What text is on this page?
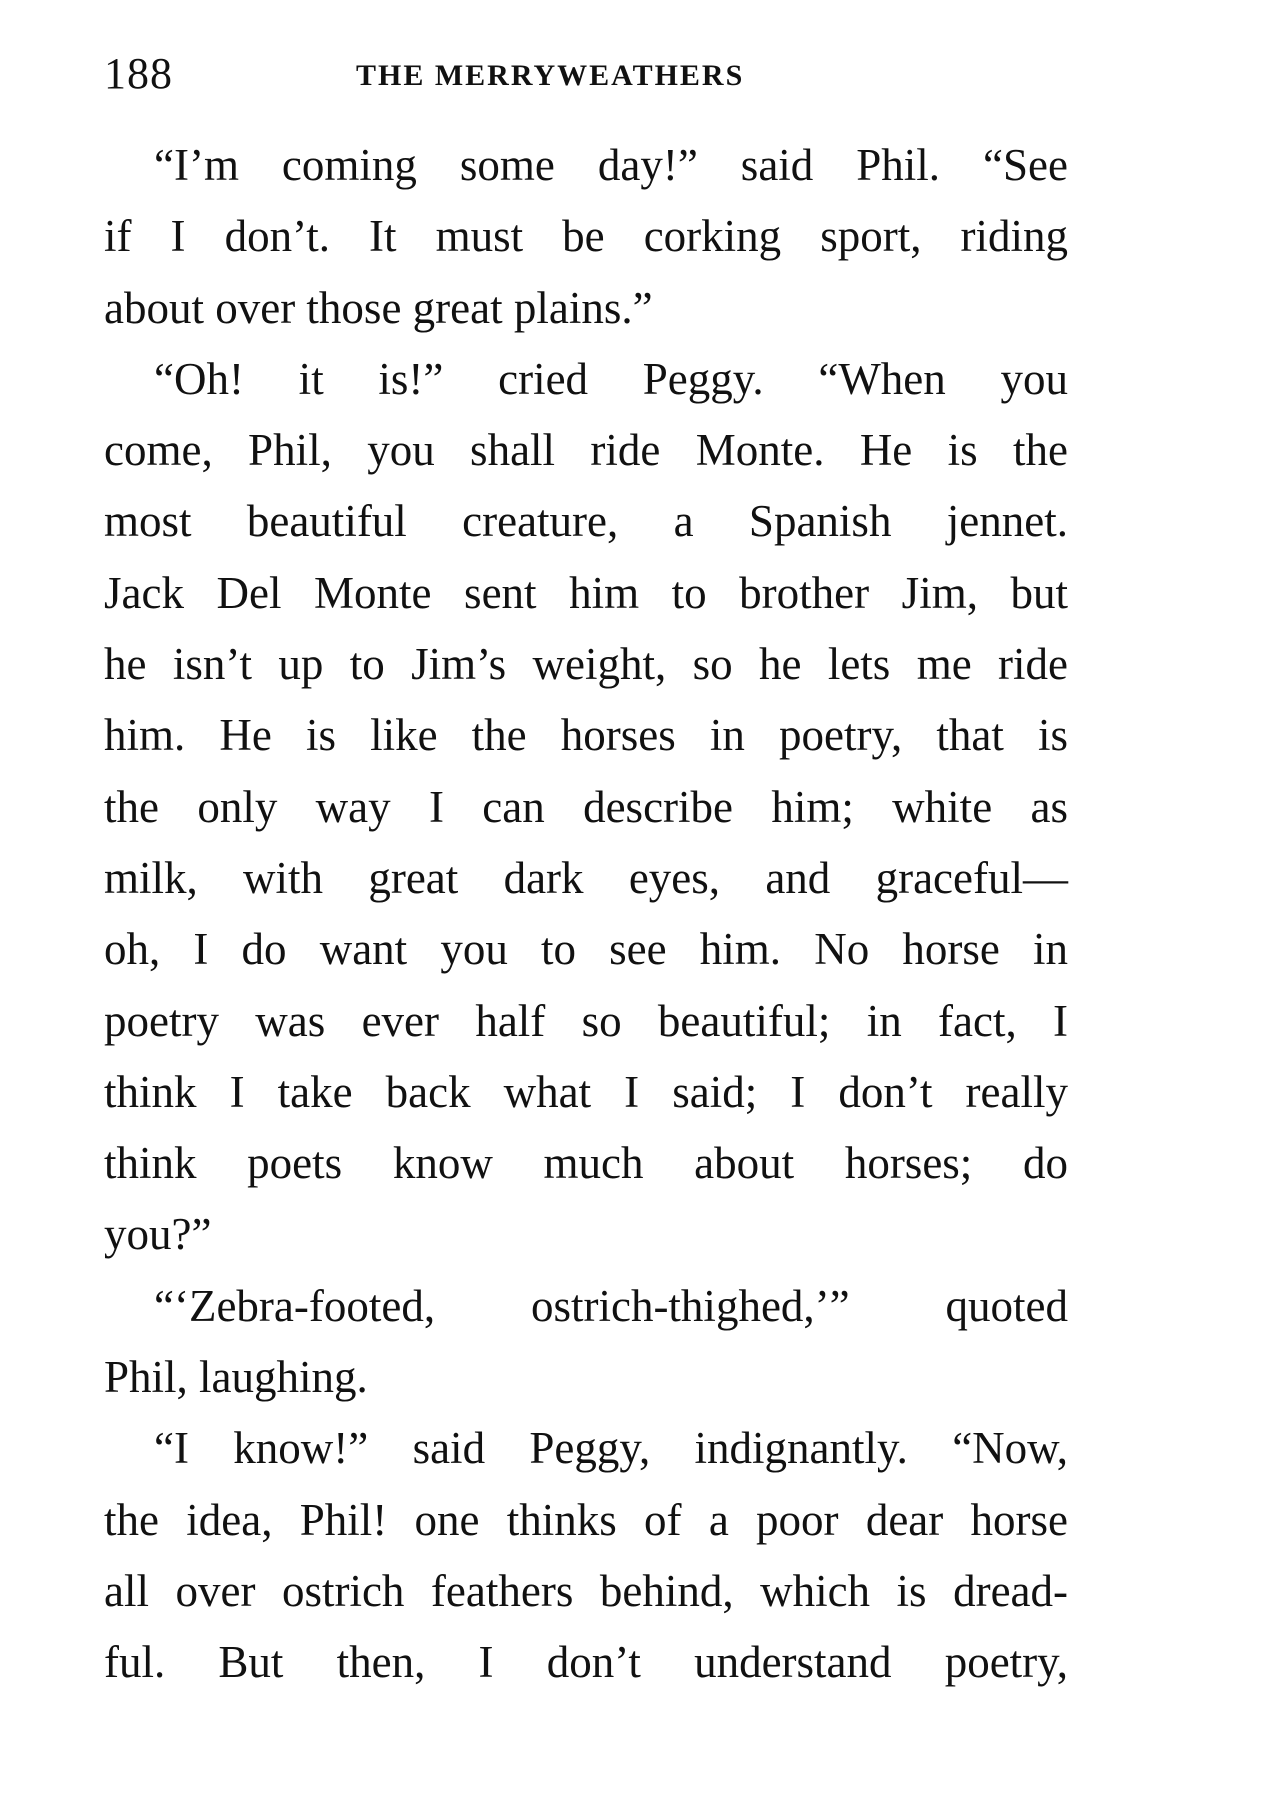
188	THE MERRYWEATHERS

“I’m coming some day!” said Phil. “See
if I don’t. It must be corking sport, riding
about over those great plains.”

“Oh! it is!” cried Peggy. “When you
come, Phil, you shall ride Monte. He is the
most beautiful creature, a Spanish jennet.
Jack Del Monte sent him to brother Jim, but
he isn’t up to Jim’s weight, so he lets me ride
him. He is like the horses in poetry, that is
the only way I can describe him; white as
milk, with great dark eyes, and graceful—
oh, I do want you to see him. No horse in
poetry was ever half so beautiful; in fact, I
think I take back what I said; I don’t really
think poets know much about horses; do
you?”

“‘Zebra-footed, ostrich-thighed,’” quoted
Phil, laughing.

“I know!” said Peggy, indignantly. “Now,
the idea, Phil! one thinks of a poor dear horse
all over ostrich feathers behind, which is dread-
ful. But then, I don’t understand poetry,
